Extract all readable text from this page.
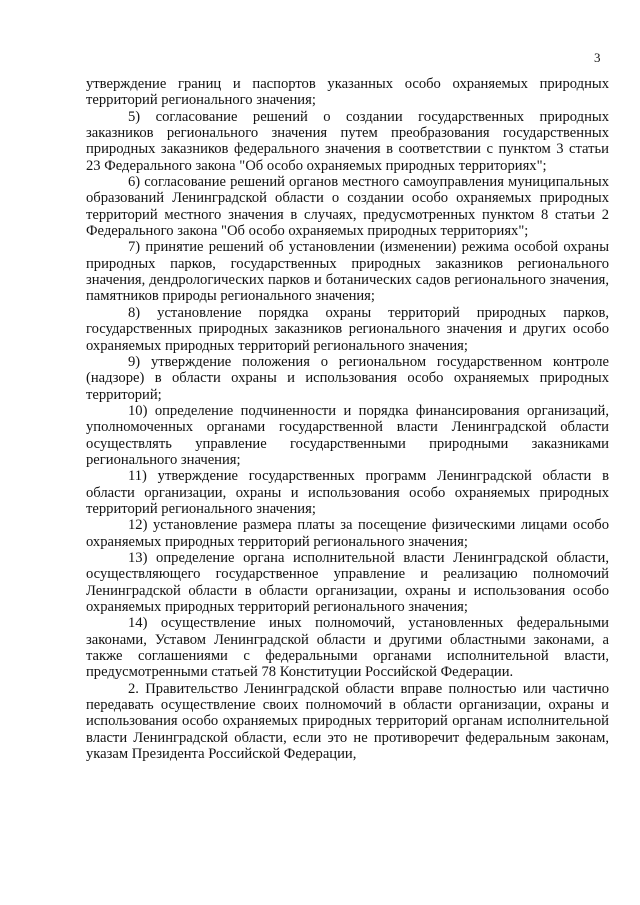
3

утверждение границ и паспортов указанных особо охраняемых природных территорий регионального значения;

5) согласование решений о создании государственных природных заказников регионального значения путем преобразования государственных природных заказников федерального значения в соответствии с пунктом 3 статьи 23 Федерального закона "Об особо охраняемых природных территориях";

6) согласование решений органов местного самоуправления муниципальных образований Ленинградской области о создании особо охраняемых природных территорий местного значения в случаях, предусмотренных пунктом 8 статьи 2 Федерального закона "Об особо охраняемых природных территориях";

7) принятие решений об установлении (изменении) режима особой охраны природных парков, государственных природных заказников регионального значения, дендрологических парков и ботанических садов регионального значения, памятников природы регионального значения;

8) установление порядка охраны территорий природных парков, государственных природных заказников регионального значения и других особо охраняемых природных территорий регионального значения;

9) утверждение положения о региональном государственном контроле (надзоре) в области охраны и использования особо охраняемых природных территорий;

10) определение подчиненности и порядка финансирования организаций, уполномоченных органами государственной власти Ленинградской области осуществлять управление государственными природными заказниками регионального значения;

11) утверждение государственных программ Ленинградской области в области организации, охраны и использования особо охраняемых природных территорий регионального значения;

12) установление размера платы за посещение физическими лицами особо охраняемых природных территорий регионального значения;

13) определение органа исполнительной власти Ленинградской области, осуществляющего государственное управление и реализацию полномочий Ленинградской области в области организации, охраны и использования особо охраняемых природных территорий регионального значения;

14) осуществление иных полномочий, установленных федеральными законами, Уставом Ленинградской области и другими областными законами, а также соглашениями с федеральными органами исполнительной власти, предусмотренными статьей 78 Конституции Российской Федерации.

2. Правительство Ленинградской области вправе полностью или частично передавать осуществление своих полномочий в области организации, охраны и использования особо охраняемых природных территорий органам исполнительной власти Ленинградской области, если это не противоречит федеральным законам, указам Президента Российской Федерации,
